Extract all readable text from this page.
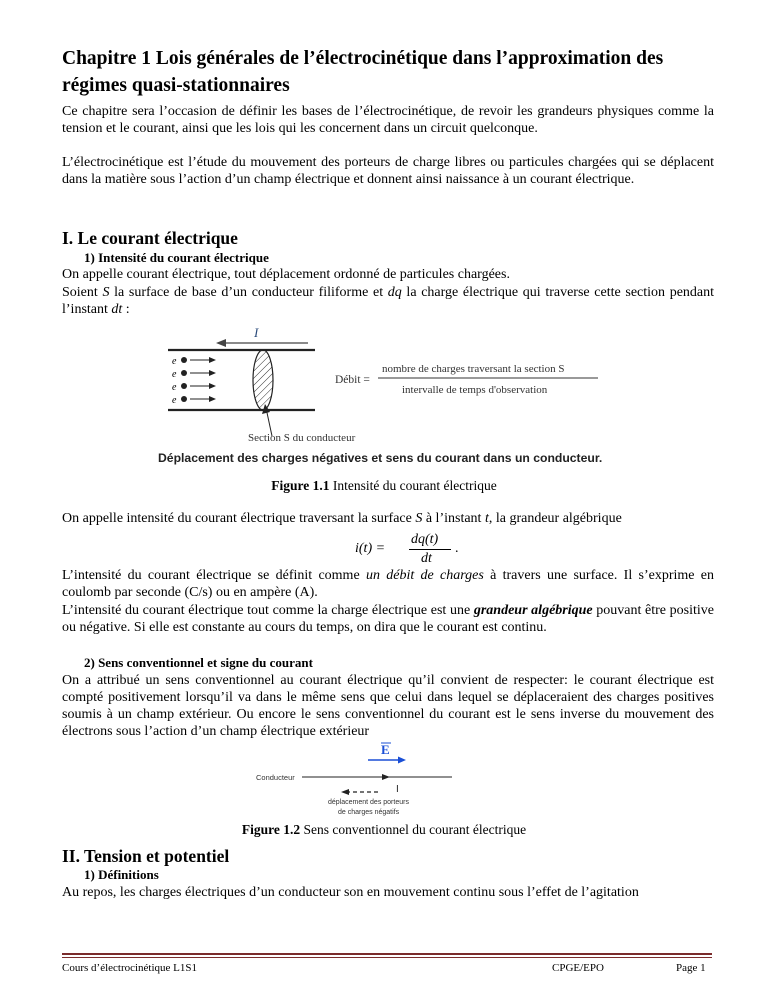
Chapitre 1 Lois générales de l’électrocinétique dans l’approximation des régimes quasi-stationnaires

Ce chapitre sera l’occasion de définir les bases de l’électrocinétique, de revoir les grandeurs physiques comme la tension et le courant, ainsi que les lois qui les concernent dans un circuit quelconque.

L’électrocinétique est l’étude du mouvement des porteurs de charge libres ou particules chargées qui se déplacent dans la matière sous l’action d’un champ électrique et donnent ainsi naissance à un courant électrique.

I. Le courant électrique
1) Intensité du courant électrique

On appelle courant électrique, tout déplacement ordonné de particules chargées.

Soient S la surface de base d’un conducteur filiforme et dq la charge électrique qui traverse cette section pendant l’instant dt :

I
e
e
e
e
Section S du conducteur
Débit =
nombre de charges traversant la section S
intervalle de temps d'observation
Déplacement des charges négatives et sens du courant dans un conducteur.
Figure 1.1 Intensité du courant électrique

On appelle intensité du courant électrique traversant la surface S à l’instant t, la grandeur algébrique

i(t) =
dq(t)
dt
.

L’intensité du courant électrique se définit comme un débit de charges à travers une surface. Il s’exprime en coulomb par seconde (C/s) ou en ampère (A).

L’intensité du courant électrique tout comme la charge électrique est une grandeur algébrique pouvant être positive ou négative. Si elle est constante au cours du temps, on dira que le courant est continu.

2) Sens conventionnel et signe du courant

On a attribué un sens conventionnel au courant électrique qu’il convient de respecter: le courant électrique est compté positivement lorsqu’il va dans le même sens que celui dans lequel se déplaceraient des charges positives soumis à un champ extérieur. Ou encore le sens conventionnel du courant est le sens inverse du mouvement des électrons sous l’action d’un champ électrique extérieur

E
Conducteur
I
déplacement des porteurs
de charges négatifs
Figure 1.2 Sens conventionnel du courant électrique
II. Tension et potentiel
1) Définitions

Au repos, les charges électriques d’un conducteur son en mouvement continu sous l’effet de l’agitation

Cours d’électrocinétique L1S1	CPGE/EPO	Page 1
